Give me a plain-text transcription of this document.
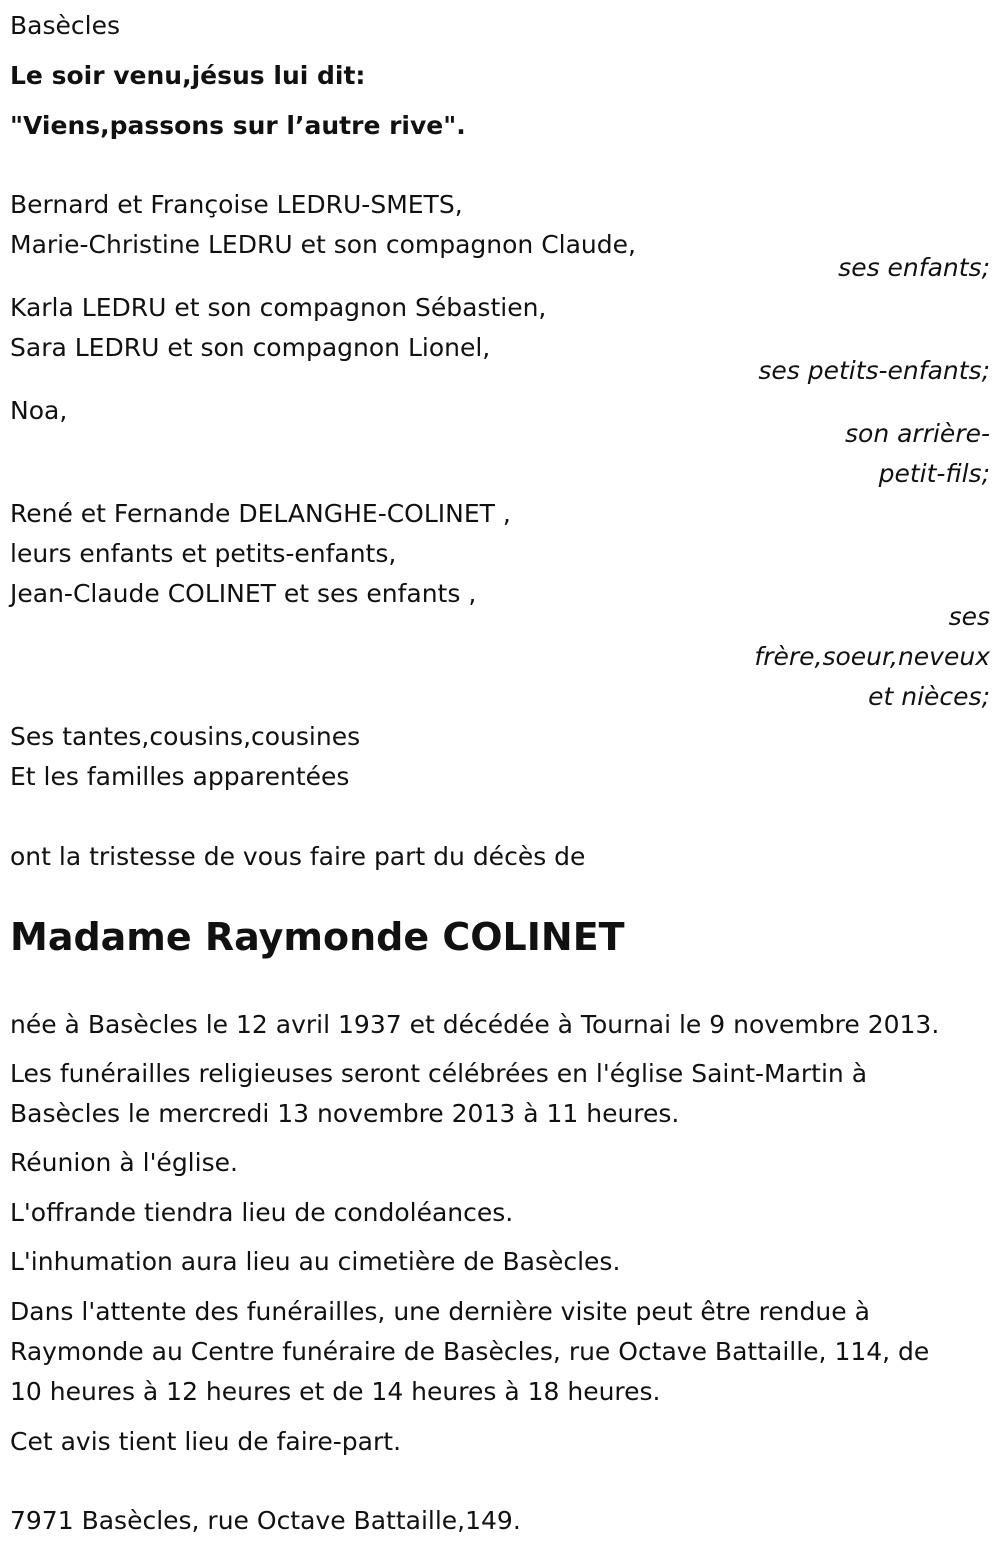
Basècles
Le soir venu,jésus lui dit:
"Viens,passons sur l’autre rive".
Bernard et Françoise LEDRU-SMETS,
Marie-Christine LEDRU et son compagnon Claude,
ses enfants;
Karla LEDRU et son compagnon Sébastien,
Sara LEDRU et son compagnon Lionel,
ses petits-enfants;
Noa,
son arrière-
petit-fils;
René et Fernande DELANGHE-COLINET ,
leurs enfants et petits-enfants,
Jean-Claude COLINET et ses enfants ,
ses
frère,soeur,neveux
et nièces;
Ses tantes,cousins,cousines
Et les familles apparentées
ont la tristesse de vous faire part du décès de
Madame Raymonde COLINET
née à Basècles le 12 avril 1937 et décédée à Tournai le 9 novembre 2013.
Les funérailles religieuses seront célébrées en l'église Saint-Martin à
Basècles le mercredi 13 novembre 2013 à 11 heures.
Réunion à l'église.
L'offrande tiendra lieu de condoléances.
L'inhumation aura lieu au cimetière de Basècles.
Dans l'attente des funérailles, une dernière visite peut être rendue à
Raymonde au Centre funéraire de Basècles, rue Octave Battaille, 114, de
10 heures à 12 heures et de 14 heures à 18 heures.
Cet avis tient lieu de faire-part.
7971 Basècles, rue Octave Battaille,149.
